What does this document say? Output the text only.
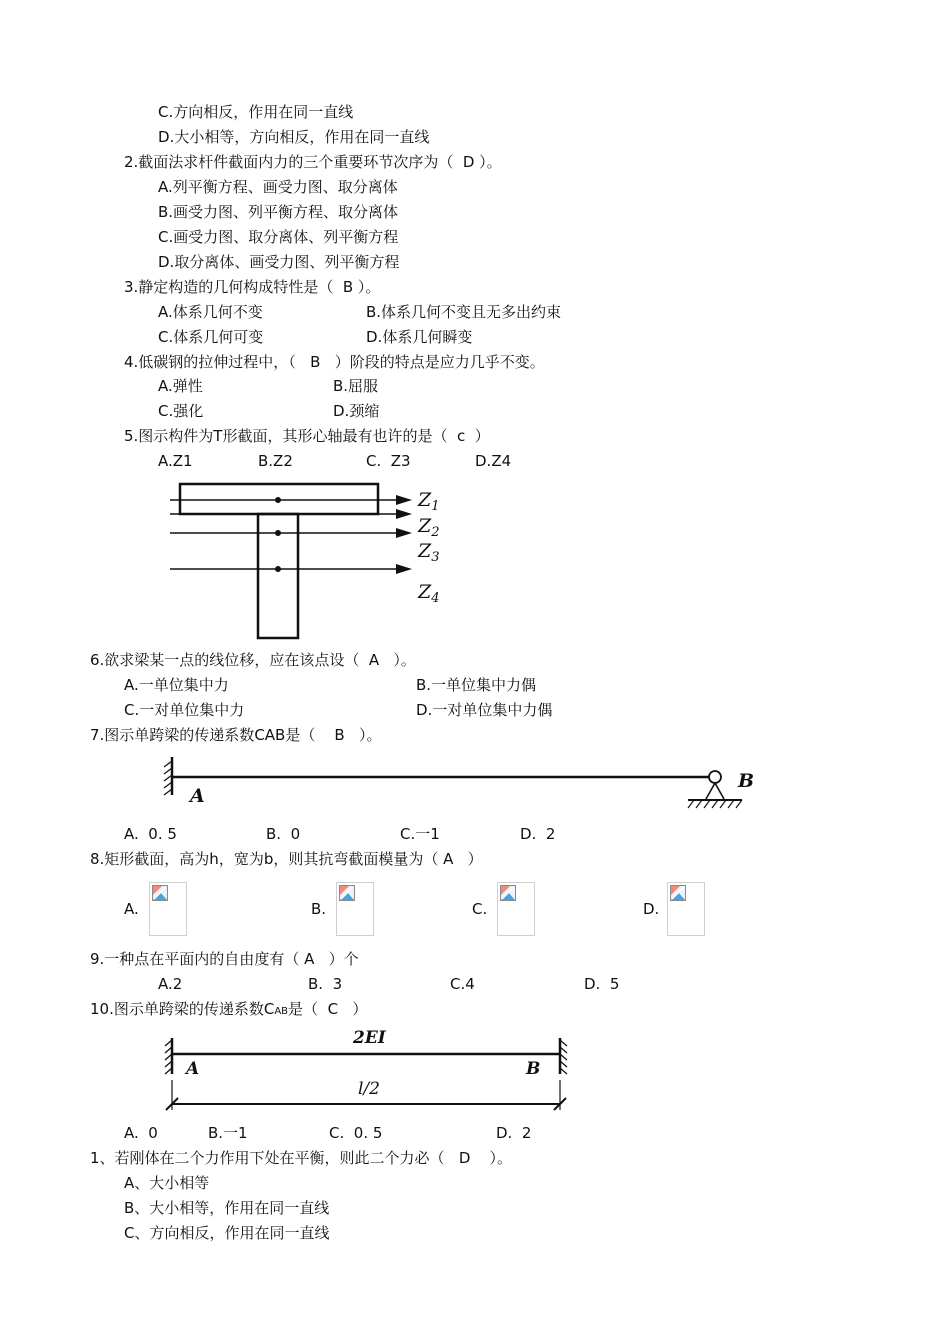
C.方向相反，作用在同一直线
D.大小相等，方向相反，作用在同一直线
2.截面法求杆件截面内力的三个重要环节次序为（  D ）。
A.列平衡方程、画受力图、取分离体
B.画受力图、列平衡方程、取分离体
C.画受力图、取分离体、列平衡方程
D.取分离体、画受力图、列平衡方程
3.静定构造的几何构成特性是（  B ）。
A.体系几何不变	B.体系几何不变且无多出约束
C.体系几何可变	D.体系几何瞬变
4.低碳钢的拉伸过程中，（   B   ）阶段的特点是应力几乎不变。
A.弹性	B.屈服
C.强化	D.颈缩
5.图示构件为T形截面，其形心轴最有也许的是（  c  ）
A.Z1	B.Z2	C.  Z3	D.Z4
$Z_1$
$Z_2$
$Z_3$
$Z_4$
6.欲求梁某一点的线位移，应在该点设（  A   ）。
A.一单位集中力	B.一单位集中力偶
C.一对单位集中力	D.一对单位集中力偶
7.图示单跨梁的传递系数CAB是（    B   ）。
A
B
A.  0. 5	B.  0	C.一1	D.  2
8.矩形截面，高为h，宽为b，则其抗弯截面模量为（ A   ）
A.	B.	C.	D.
9.一种点在平面内的自由度有（ A   ）个
A.2	B.  3	C.4	D.  5
10.图示单跨梁的传递系数CAB是（  C   ）
2EI
A	B
l/2
A.  0	B.一1	C.  0. 5	D.  2
1、若刚体在二个力作用下处在平衡，则此二个力必（   D    ）。
A、大小相等
B、大小相等，作用在同一直线
C、方向相反，作用在同一直线
